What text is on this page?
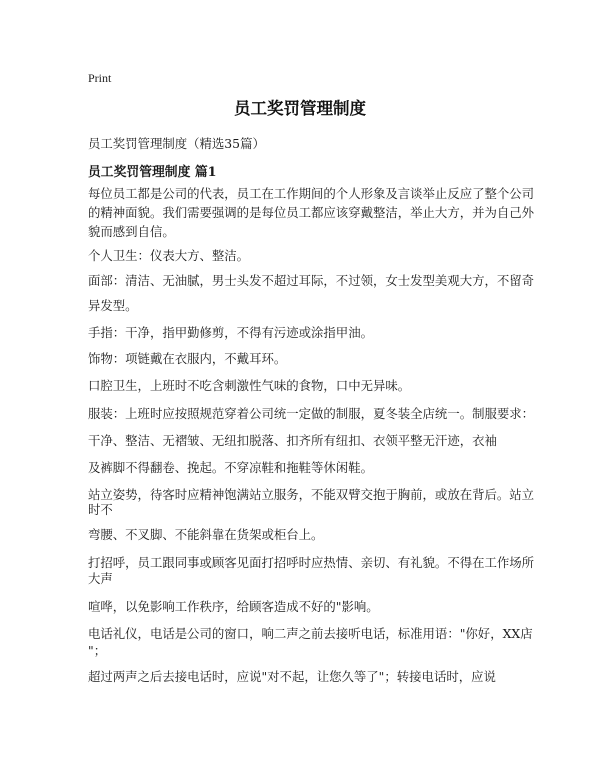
Print
员工奖罚管理制度
员工奖罚管理制度（精选35篇）
员工奖罚管理制度 篇1
每位员工都是公司的代表，员工在工作期间的个人形象及言谈举止反应了整个公司
的精神面貌。我们需要强调的是每位员工都应该穿戴整洁，举止大方，并为自己外
貌而感到自信。
个人卫生：仪表大方、整洁。
面部：清洁、无油腻，男士头发不超过耳际，不过领，女士发型美观大方，不留奇
异发型。
手指：干净，指甲勤修剪，不得有污迹或涂指甲油。
饰物：项链戴在衣服内，不戴耳环。
口腔卫生，上班时不吃含刺激性气味的食物，口中无异味。
服装：上班时应按照规范穿着公司统一定做的制服，夏冬装全店统一。制服要求：
干净、整洁、无褶皱、无纽扣脱落、扣齐所有纽扣、衣领平整无汗迹，衣袖
及裤脚不得翻卷、挽起。不穿凉鞋和拖鞋等休闲鞋。
站立姿势，待客时应精神饱满站立服务，不能双臂交抱于胸前，或放在背后。站立
时不
弯腰、不叉脚、不能斜靠在货架或柜台上。
打招呼，员工跟同事或顾客见面打招呼时应热情、亲切、有礼貌。不得在工作场所
大声
喧哗，以免影响工作秩序，给顾客造成不好的"影响。
电话礼仪，电话是公司的窗口，响二声之前去接听电话，标准用语："你好，XX店
"；
超过两声之后去接电话时，应说"对不起，让您久等了"；转接电话时，应说
